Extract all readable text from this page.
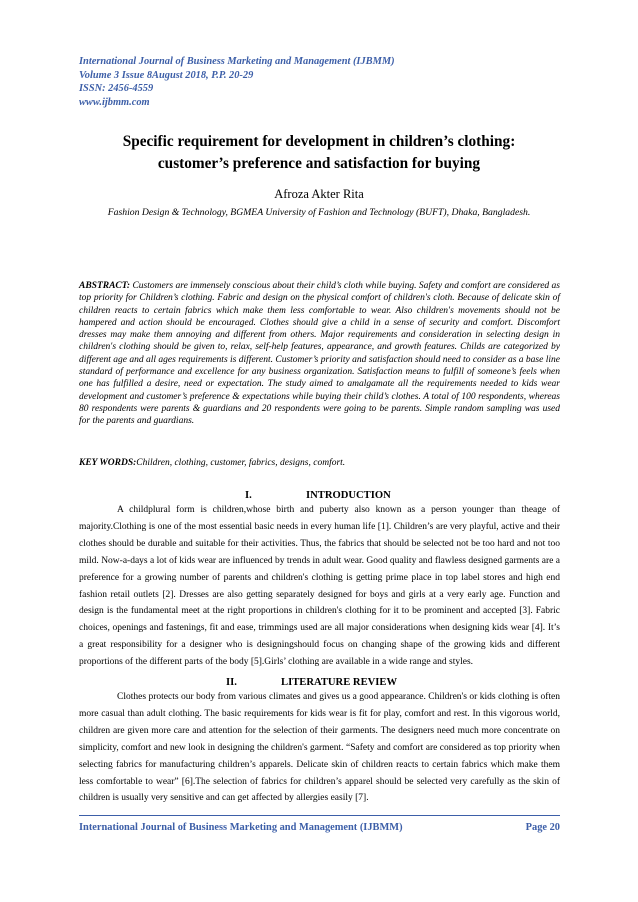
International Journal of Business Marketing and Management (IJBMM)
Volume 3 Issue 8August 2018, P.P. 20-29
ISSN: 2456-4559
www.ijbmm.com
Specific requirement for development in children’s clothing:
customer’s preference and satisfaction for buying
Afroza Akter Rita
Fashion Design & Technology, BGMEA University of Fashion and Technology (BUFT), Dhaka, Bangladesh.
ABSTRACT: Customers are immensely conscious about their child’s cloth while buying. Safety and comfort are considered as top priority for Children’s clothing. Fabric and design on the physical comfort of children's cloth. Because of delicate skin of children reacts to certain fabrics which make them less comfortable to wear. Also children's movements should not be hampered and action should be encouraged. Clothes should give a child in a sense of security and comfort. Discomfort dresses may make them annoying and different from others. Major requirements and consideration in selecting design in children's clothing should be given to, relax, self-help features, appearance, and growth features. Childs are categorized by different age and all ages requirements is different. Customer’s priority and satisfaction should need to consider as a base line standard of performance and excellence for any business organization. Satisfaction means to fulfill of someone’s feels when one has fulfilled a desire, need or expectation. The study aimed to amalgamate all the requirements needed to kids wear development and customer’s preference & expectations while buying their child’s clothes. A total of 100 respondents, whereas 80 respondents were parents & guardians and 20 respondents were going to be parents. Simple random sampling was used for the parents and guardians.
KEY WORDS:Children, clothing, customer, fabrics, designs, comfort.
I.	INTRODUCTION
A childplural form is children,whose birth and puberty also known as a person younger than theage of majority.Clothing is one of the most essential basic needs in every human life [1]. Children’s are very playful, active and their clothes should be durable and suitable for their activities. Thus, the fabrics that should be selected not be too hard and not too mild. Now-a-days a lot of kids wear are influenced by trends in adult wear. Good quality and flawless designed garments are a preference for a growing number of parents and children's clothing is getting prime place in top label stores and high end fashion retail outlets [2]. Dresses are also getting separately designed for boys and girls at a very early age. Function and design is the fundamental meet at the right proportions in children's clothing for it to be prominent and accepted [3]. Fabric choices, openings and fastenings, fit and ease, trimmings used are all major considerations when designing kids wear [4]. It’s a great responsibility for a designer who is designingshould focus on changing shape of the growing kids and different proportions of the different parts of the body [5].Girls’ clothing are available in a wide range and styles.
II.	LITERATURE REVIEW
Clothes protects our body from various climates and gives us a good appearance. Children's or kids clothing is often more casual than adult clothing. The basic requirements for kids wear is fit for play, comfort and rest. In this vigorous world, children are given more care and attention for the selection of their garments. The designers need much more concentrate on simplicity, comfort and new look in designing the children's garment. “Safety and comfort are considered as top priority when selecting fabrics for manufacturing children’s apparels. Delicate skin of children reacts to certain fabrics which make them less comfortable to wear” [6].The selection of fabrics for children’s apparel should be selected very carefully as the skin of children is usually very sensitive and can get affected by allergies easily [7].
International Journal of Business Marketing and Management (IJBMM)	Page 20
